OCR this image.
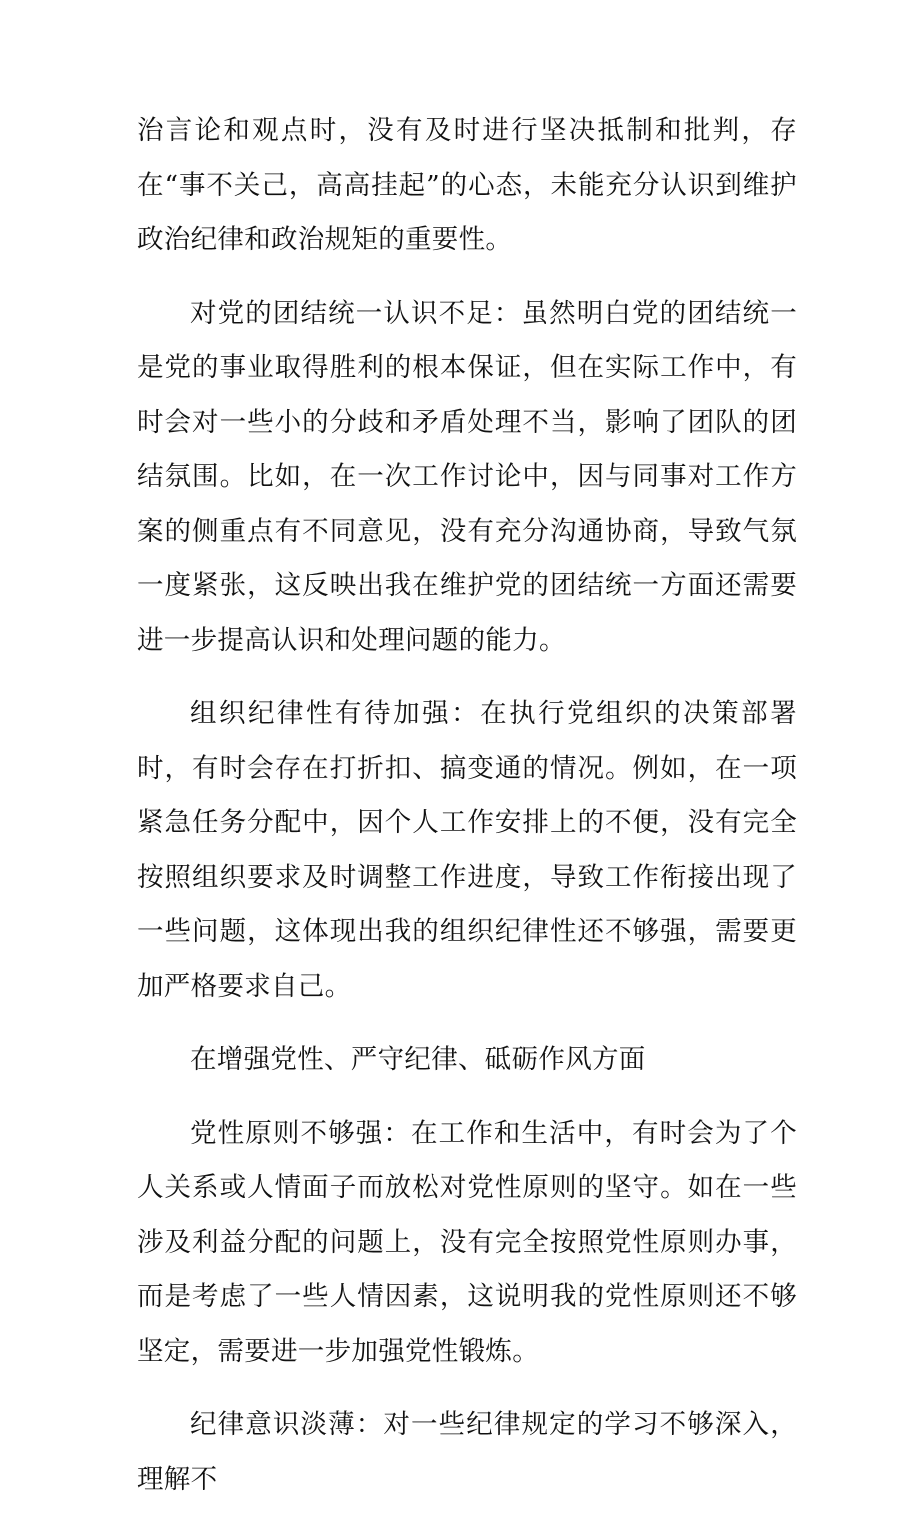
治言论和观点时，没有及时进行坚决抵制和批判，存在“事不关己，高高挂起”的心态，未能充分认识到维护政治纪律和政治规矩的重要性。

对党的团结统一认识不足：虽然明白党的团结统一是党的事业取得胜利的根本保证，但在实际工作中，有时会对一些小的分歧和矛盾处理不当，影响了团队的团结氛围。比如，在一次工作讨论中，因与同事对工作方案的侧重点有不同意见，没有充分沟通协商，导致气氛一度紧张，这反映出我在维护党的团结统一方面还需要进一步提高认识和处理问题的能力。

组织纪律性有待加强：在执行党组织的决策部署时，有时会存在打折扣、搞变通的情况。例如，在一项紧急任务分配中，因个人工作安排上的不便，没有完全按照组织要求及时调整工作进度，导致工作衔接出现了一些问题，这体现出我的组织纪律性还不够强，需要更加严格要求自己。

在增强党性、严守纪律、砥砺作风方面

党性原则不够强：在工作和生活中，有时会为了个人关系或人情面子而放松对党性原则的坚守。如在一些涉及利益分配的问题上，没有完全按照党性原则办事，而是考虑了一些人情因素，这说明我的党性原则还不够坚定，需要进一步加强党性锻炼。

纪律意识淡薄：对一些纪律规定的学习不够深入，理解不
